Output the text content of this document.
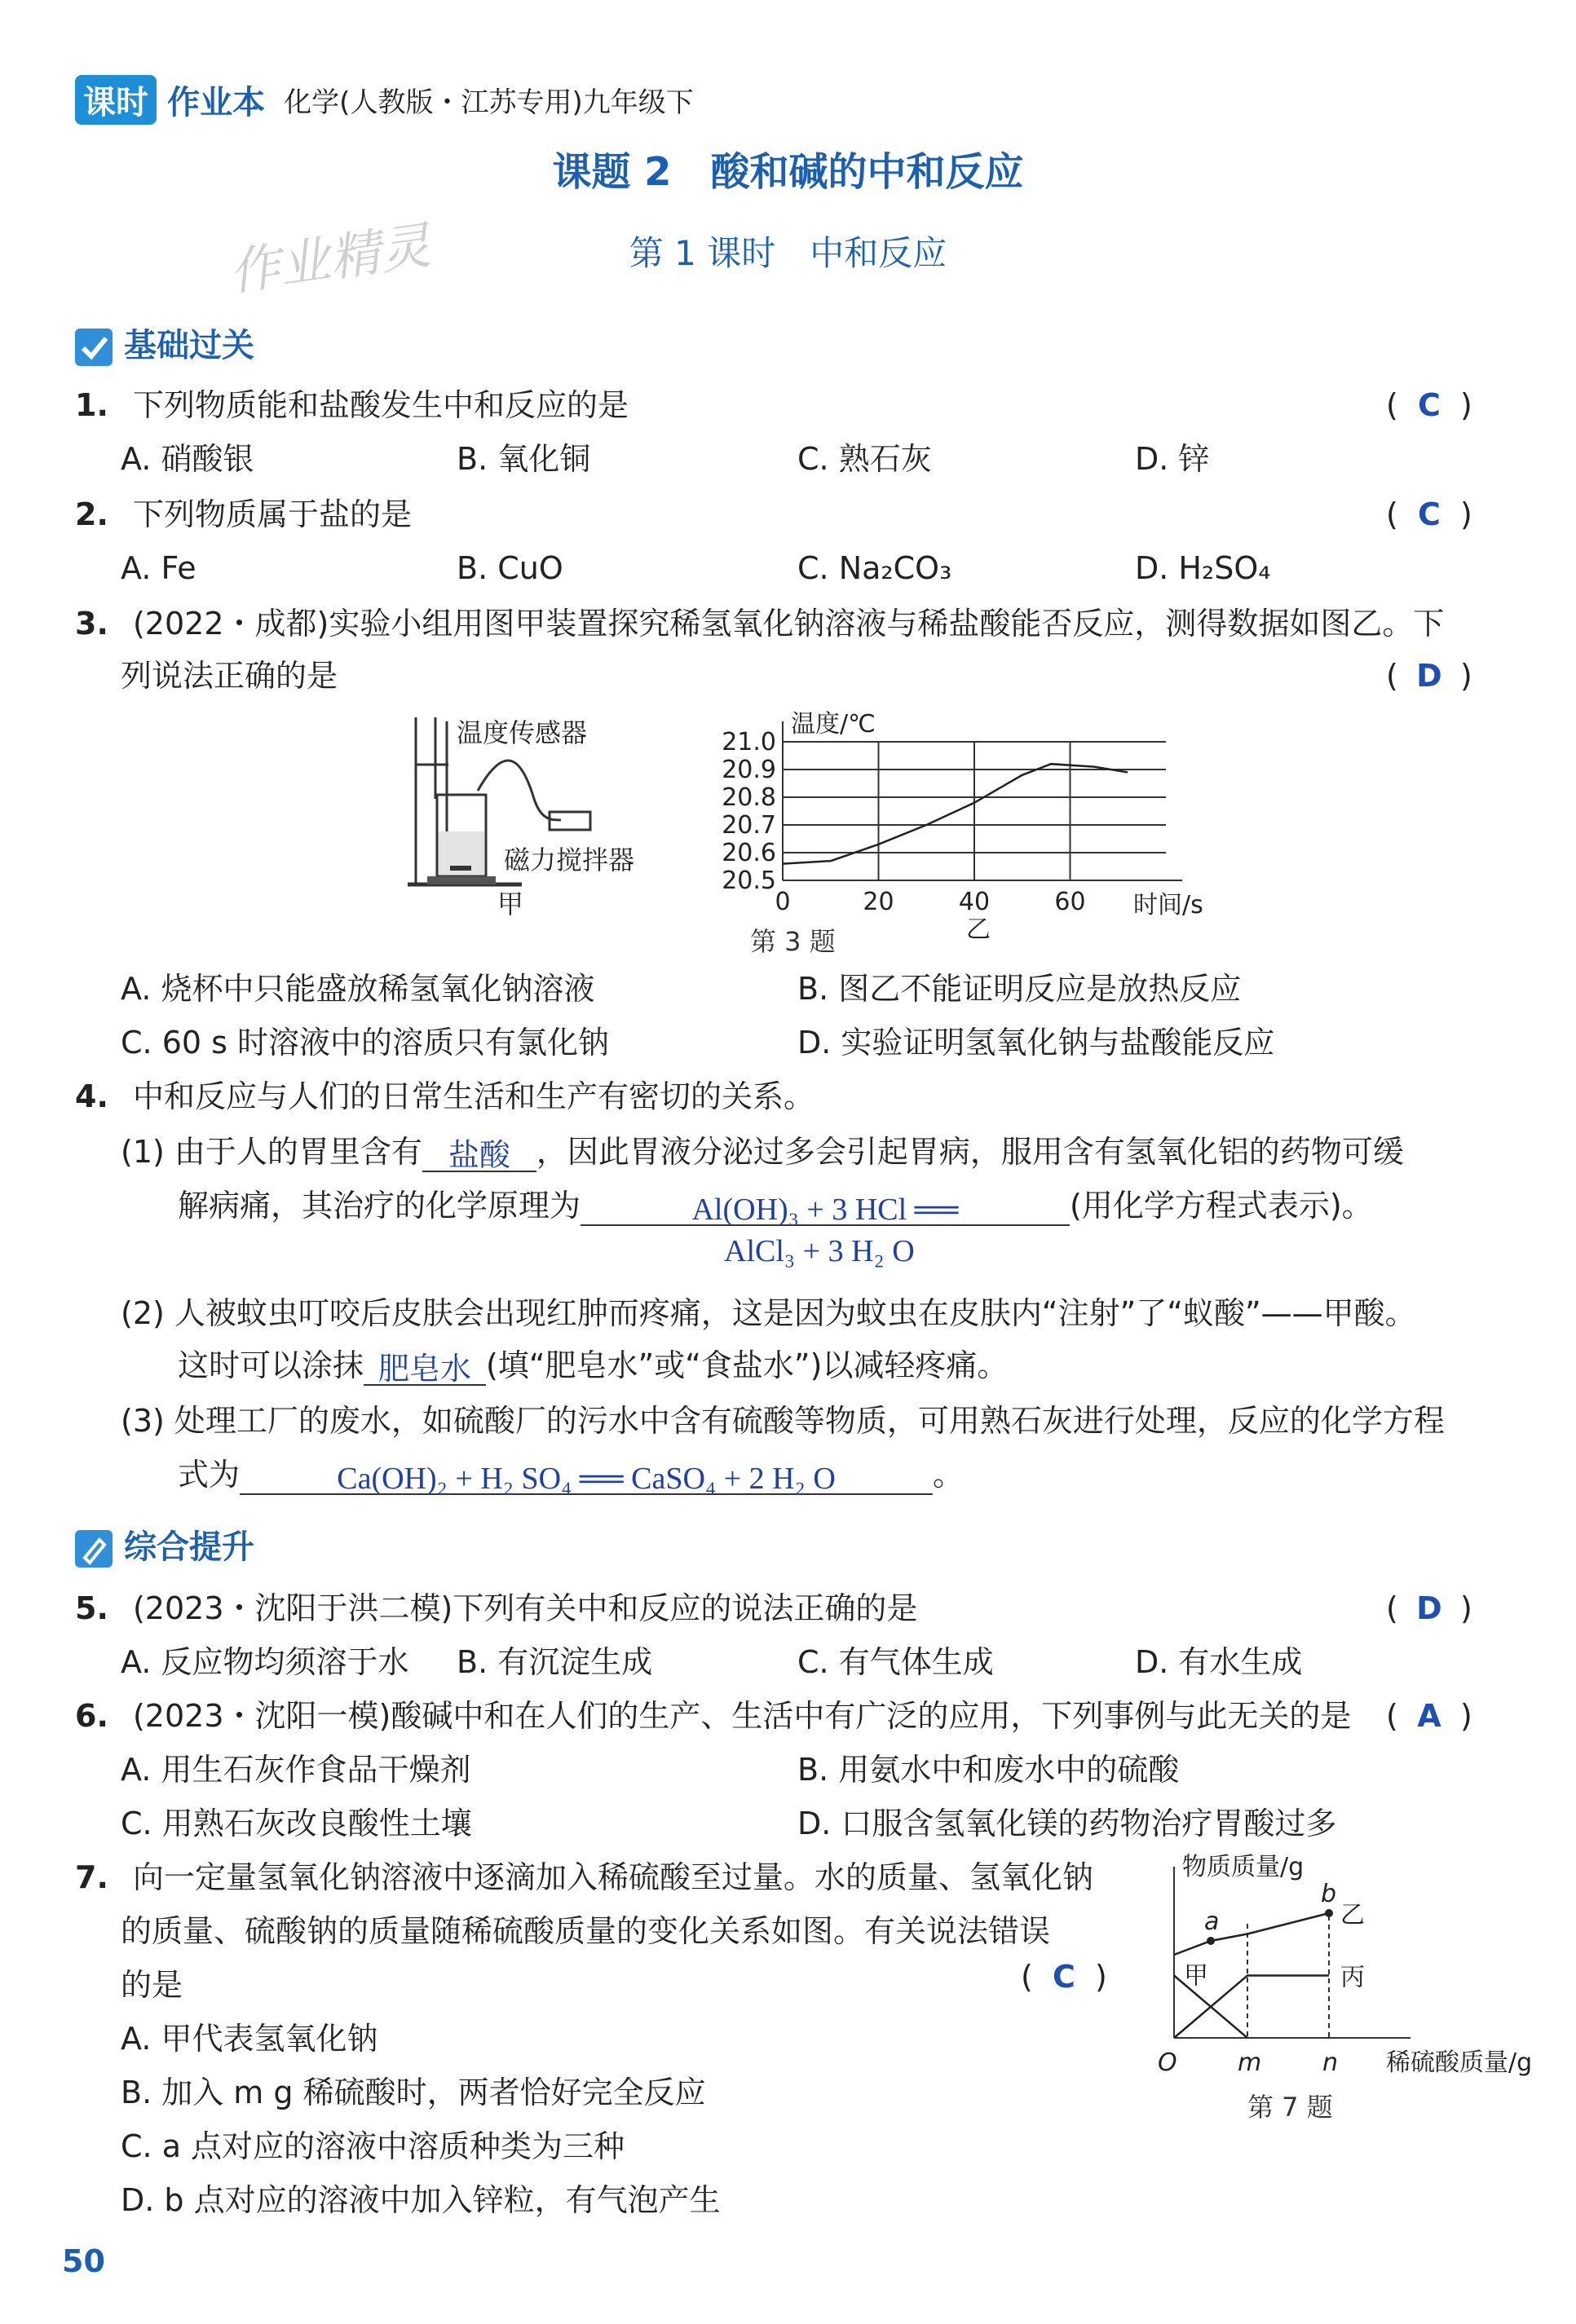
课时 作业本 化学(人教版・江苏专用)九年级下
课题 2　酸和碱的中和反应
作业精灵	第 1 课时　中和反应
基础过关
1. 下列物质能和盐酸发生中和反应的是	( C )
A. 硝酸银	B. 氧化铜	C. 熟石灰	D. 锌
2. 下列物质属于盐的是	( C )
A. Fe	B. CuO	C. Na₂CO₃	D. H₂SO₄
3. (2022・成都)实验小组用图甲装置探究稀氢氧化钠溶液与稀盐酸能否反应，测得数据如图乙。下
列说法正确的是	( D )
温度传感器
磁力搅拌器
甲
21.0
20.9
20.8
20.7
20.6
20.5
0	20	40	60
温度/℃
时间/s
乙
第 3 题
A. 烧杯中只能盛放稀氢氧化钠溶液	B. 图乙不能证明反应是放热反应
C. 60 s 时溶液中的溶质只有氯化钠	D. 实验证明氢氧化钠与盐酸能反应
4. 中和反应与人们的日常生活和生产有密切的关系。
(1) 由于人的胃里含有 盐酸 ，因此胃液分泌过多会引起胃病，服用含有氢氧化铝的药物可缓
解病痛，其治疗的化学原理为	Al(OH)₃ + 3 HCl ══	(用化学方程式表示)。
AlCl₃ + 3 H₂ O
(2) 人被蚊虫叮咬后皮肤会出现红肿而疼痛，这是因为蚊虫在皮肤内“注射”了“蚁酸”——甲酸。
这时可以涂抹 肥皂水 (填“肥皂水”或“食盐水”)以减轻疼痛。
(3) 处理工厂的废水，如硫酸厂的污水中含有硫酸等物质，可用熟石灰进行处理，反应的化学方程
式为	Ca(OH)₂ + H₂ SO₄ ══ CaSO₄ + 2 H₂ O	。
综合提升
5. (2023・沈阳于洪二模)下列有关中和反应的说法正确的是	( D )
A. 反应物均须溶于水 B. 有沉淀生成	C. 有气体生成	D. 有水生成
6. (2023・沈阳一模)酸碱中和在人们的生产、生活中有广泛的应用，下列事例与此无关的是 ( A )
A. 用生石灰作食品干燥剂	B. 用氨水中和废水中的硫酸
C. 用熟石灰改良酸性土壤	D. 口服含氢氧化镁的药物治疗胃酸过多
7. 向一定量氢氧化钠溶液中逐滴加入稀硫酸至过量。水的质量、氢氧化钠
的质量、硫酸钠的质量随稀硫酸质量的变化关系如图。有关说法错误
的是	( C )
A. 甲代表氢氧化钠
B. 加入 m g 稀硫酸时，两者恰好完全反应
C. a 点对应的溶液中溶质种类为三种
D. b 点对应的溶液中加入锌粒，有气泡产生
物质质量/g
稀硫酸质量/g
O m n
乙
丙
甲
a
b
第 7 题
50
